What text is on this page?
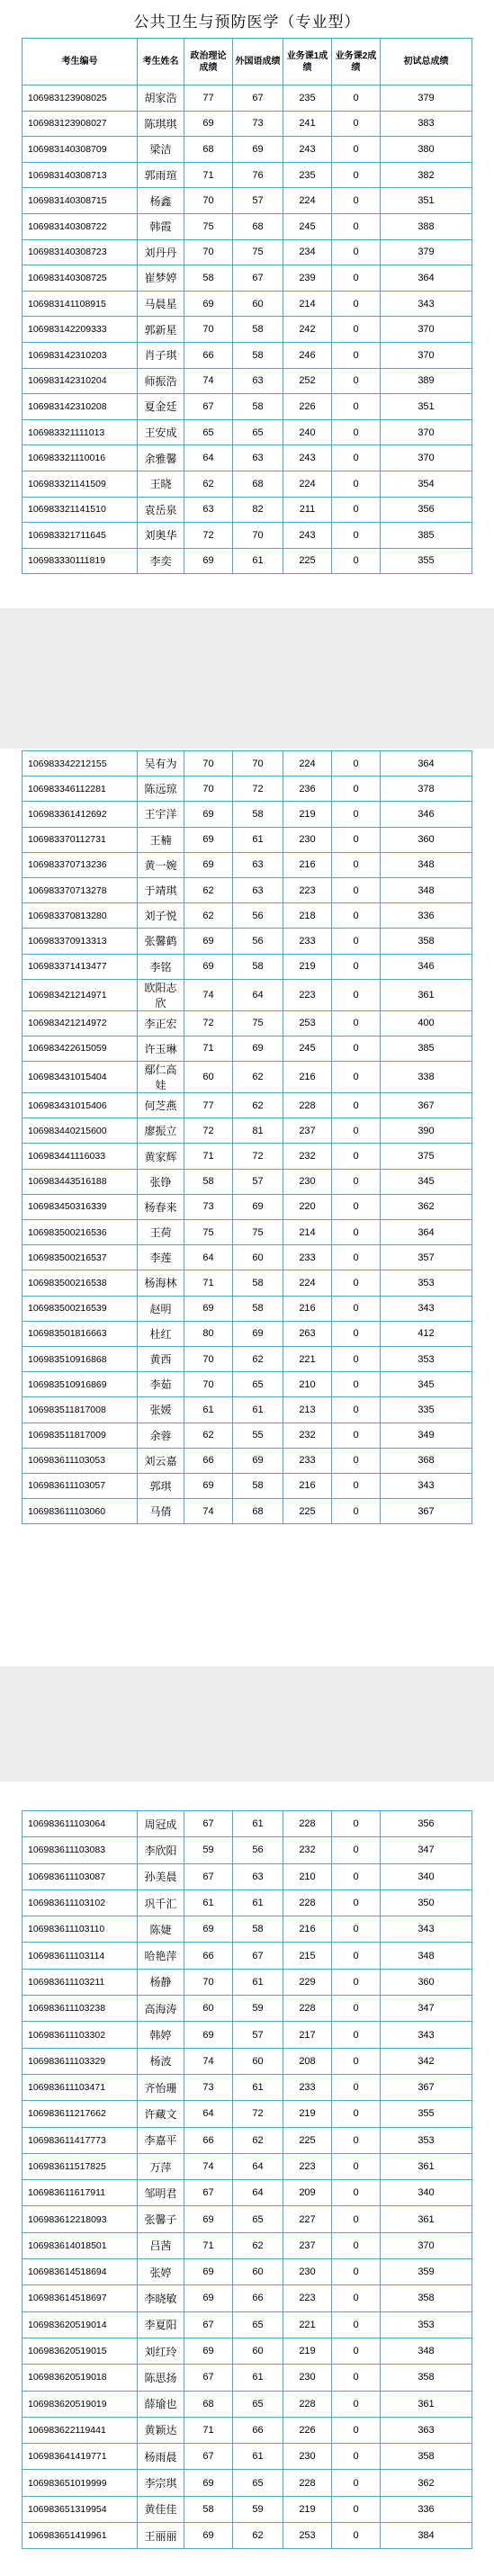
公共卫生与预防医学（专业型）
考生编号	考生姓名	政治理论成绩	外国语成绩	业务课1成绩	业务课2成绩	初试总成绩
106983123908025	胡家浩	77	67	235	0	379
106983123908027	陈琪琪	69	73	241	0	383
106983140308709	梁洁	68	69	243	0	380
106983140308713	郭雨瑄	71	76	235	0	382
106983140308715	杨鑫	70	57	224	0	351
106983140308722	韩霞	75	68	245	0	388
106983140308723	刘丹丹	70	75	234	0	379
106983140308725	崔梦婷	58	67	239	0	364
106983141108915	马晨星	69	60	214	0	343
106983142209333	郭新星	70	58	242	0	370
106983142310203	肖子琪	66	58	246	0	370
106983142310204	师振浩	74	63	252	0	389
106983142310208	夏金廷	67	58	226	0	351
106983321111013	王安成	65	65	240	0	370
106983321110016	余雅馨	64	63	243	0	370
106983321141509	王晓	62	68	224	0	354
106983321141510	袁岳泉	63	82	211	0	356
106983321711645	刘奥华	72	70	243	0	385
106983330111819	李奕	69	61	225	0	355
106983342212155	吴有为	70	70	224	0	364
106983346112281	陈远琼	70	72	236	0	378
106983361412692	王宇洋	69	58	219	0	346
106983370112731	王楠	69	61	230	0	360
106983370713236	黄一婉	69	63	216	0	348
106983370713278	于靖琪	62	63	223	0	348
106983370813280	刘子悦	62	56	218	0	336
106983370913313	张馨鹤	69	56	233	0	358
106983371413477	李铭	69	58	219	0	346
106983421214971	欧阳志欣	74	64	223	0	361
106983421214972	李正宏	72	75	253	0	400
106983422615059	许玉琳	71	69	245	0	385
106983431015404	鄢仁高娃	60	62	216	0	338
106983431015406	何芝燕	77	62	228	0	367
106983440215600	廖振立	72	81	237	0	390
106983441116033	黄家辉	71	72	232	0	375
106983443516188	张铮	58	57	230	0	345
106983450316339	杨春来	73	69	220	0	362
106983500216536	王荷	75	75	214	0	364
106983500216537	李莲	64	60	233	0	357
106983500216538	杨海林	71	58	224	0	353
106983500216539	赵明	69	58	216	0	343
106983501816663	杜红	80	69	263	0	412
106983510916868	黄西	70	62	221	0	353
106983510916869	李茹	70	65	210	0	345
106983511817008	张媛	61	61	213	0	335
106983511817009	余蓉	62	55	232	0	349
106983611103053	刘云嘉	66	69	233	0	368
106983611103057	郭琪	69	58	216	0	343
106983611103060	马倩	74	68	225	0	367
106983611103064	周冠成	67	61	228	0	356
106983611103083	李欣阳	59	56	232	0	347
106983611103087	孙美晨	67	63	210	0	340
106983611103102	巩千汇	61	61	228	0	350
106983611103110	陈婕	69	58	216	0	343
106983611103114	哈艳萍	66	67	215	0	348
106983611103211	杨静	70	61	229	0	360
106983611103238	高海涛	60	59	228	0	347
106983611103302	韩婷	69	57	217	0	343
106983611103329	杨波	74	60	208	0	342
106983611103471	齐怡珊	73	61	233	0	367
106983611217662	许藏文	64	72	219	0	355
106983611417773	李嘉平	66	62	225	0	353
106983611517825	万萍	74	64	223	0	361
106983611617911	邹明君	67	64	209	0	340
106983612218093	张馨子	69	65	227	0	361
106983614018501	吕茜	71	62	237	0	370
106983614518694	张婷	69	60	230	0	359
106983614518697	李晓敏	69	66	223	0	358
106983620519014	李夏阳	67	65	221	0	353
106983620519015	刘红玲	69	60	219	0	348
106983620519018	陈思扬	67	61	230	0	358
106983620519019	薛瑜也	68	65	228	0	361
106983622119441	黄颖达	71	66	226	0	363
106983641419771	杨雨晨	67	61	230	0	358
106983651019999	李宗琪	69	65	228	0	362
106983651319954	黄佳佳	58	59	219	0	336
106983651419961	王丽丽	69	62	253	0	384
